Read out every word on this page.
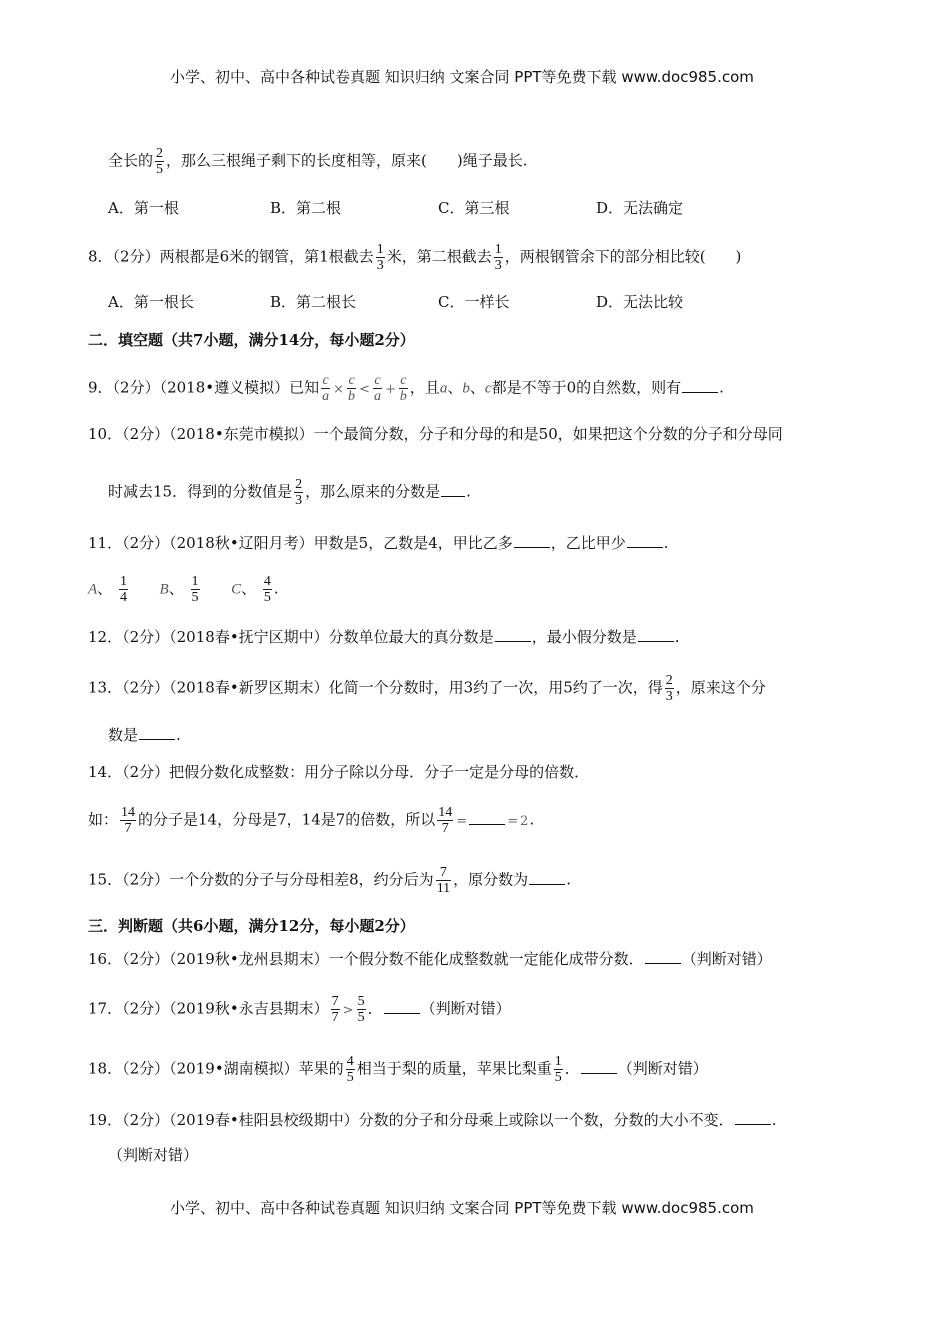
小学、初中、高中各种试卷真题 知识归纳 文案合同 PPT等免费下载 www.doc985.com
全长的 $\frac{2}{5}$ ，那么三根绳子剩下的长度相等，原来(　　)绳子最长.
A．第一根	B．第二根	C．第三根	D．无法确定
8．（2分）两根都是6米的钢管，第1根截去 $\frac{1}{3}$ 米，第二根截去 $\frac{1}{3}$ ，两根钢管余下的部分相比较(　　)
A．第一根长	B．第二根长	C．一样长	D．无法比较
二．填空题（共7小题，满分14分，每小题2分）
9．（2分）（2018•遵义模拟）已知 $\frac{c}{a} \times \frac{c}{b} < \frac{c}{a} + \frac{c}{b}$ ，且a、b、c都是不等于0的自然数，则有	.
10．（2分）（2018•东莞市模拟）一个最简分数，分子和分母的和是50，如果把这个分数的分子和分母同
时减去15．得到的分数值是 $\frac{2}{3}$ ，那么原来的分数是 .
11．（2分）（2018秋•辽阳月考）甲数是5，乙数是4，甲比乙多	，乙比甲少	.
A、 $\frac{1}{4}$ B、 $\frac{1}{5}$ C、 $\frac{4}{5}$ .
12．（2分）（2018春•抚宁区期中）分数单位最大的真分数是	，最小假分数是	.
13．（2分）（2018春•新罗区期末）化简一个分数时，用3约了一次，用5约了一次，得 $\frac{2}{3}$ ，原来这个分
数是	.
14．（2分）把假分数化成整数：用分子除以分母．分子一定是分母的倍数．
如： $\frac{14}{7}$ 的分子是14，分母是7，14是7的倍数，所以 $\frac{14}{7}$ =	= 2.
15．（2分）一个分数的分子与分母相差8，约分后为 $\frac{7}{11}$ ，原分数为	.
三．判断题（共6小题，满分12分，每小题2分）
16．（2分）（2019秋•龙州县期末）一个假分数不能化成整数就一定能化成带分数．	（判断对错）
17．（2分）（2019秋•永吉县期末） $\frac{7}{7} > \frac{5}{5}$ ．	（判断对错）
18．（2分）（2019•湖南模拟）苹果的 $\frac{4}{5}$ 相当于梨的质量，苹果比梨重 $\frac{1}{5}$ ．	（判断对错）
19．（2分）（2019春•桂阳县校级期中）分数的分子和分母乘上或除以一个数，分数的大小不变．	.
（判断对错）
小学、初中、高中各种试卷真题 知识归纳 文案合同 PPT等免费下载 www.doc985.com
